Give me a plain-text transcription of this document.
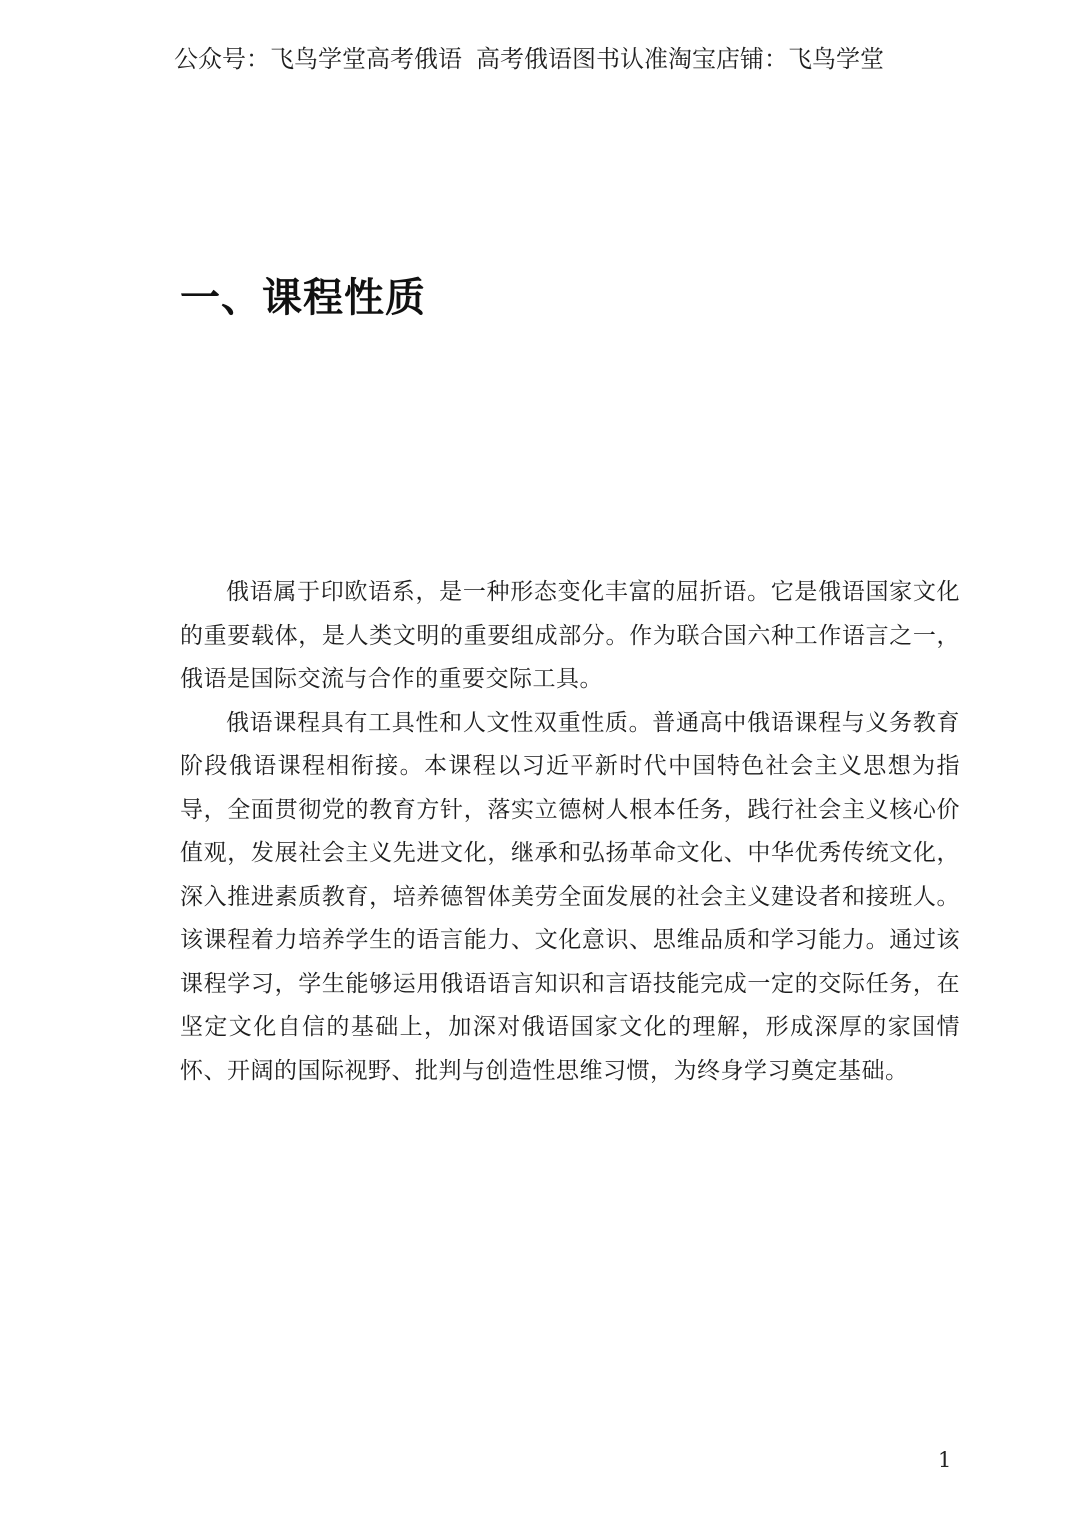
公众号：飞鸟学堂高考俄语 高考俄语图书认准淘宝店铺：飞鸟学堂
一、课程性质

俄语属于印欧语系，是一种形态变化丰富的屈折语。它是俄语国家文化的重要载体，是人类文明的重要组成部分。作为联合国六种工作语言之一，俄语是国际交流与合作的重要交际工具。

俄语课程具有工具性和人文性双重性质。普通高中俄语课程与义务教育阶段俄语课程相衔接。本课程以习近平新时代中国特色社会主义思想为指导，全面贯彻党的教育方针，落实立德树人根本任务，践行社会主义核心价值观，发展社会主义先进文化，继承和弘扬革命文化、中华优秀传统文化，深入推进素质教育，培养德智体美劳全面发展的社会主义建设者和接班人。该课程着力培养学生的语言能力、文化意识、思维品质和学习能力。通过该课程学习，学生能够运用俄语语言知识和言语技能完成一定的交际任务，在坚定文化自信的基础上，加深对俄语国家文化的理解，形成深厚的家国情怀、开阔的国际视野、批判与创造性思维习惯，为终身学习奠定基础。

1
